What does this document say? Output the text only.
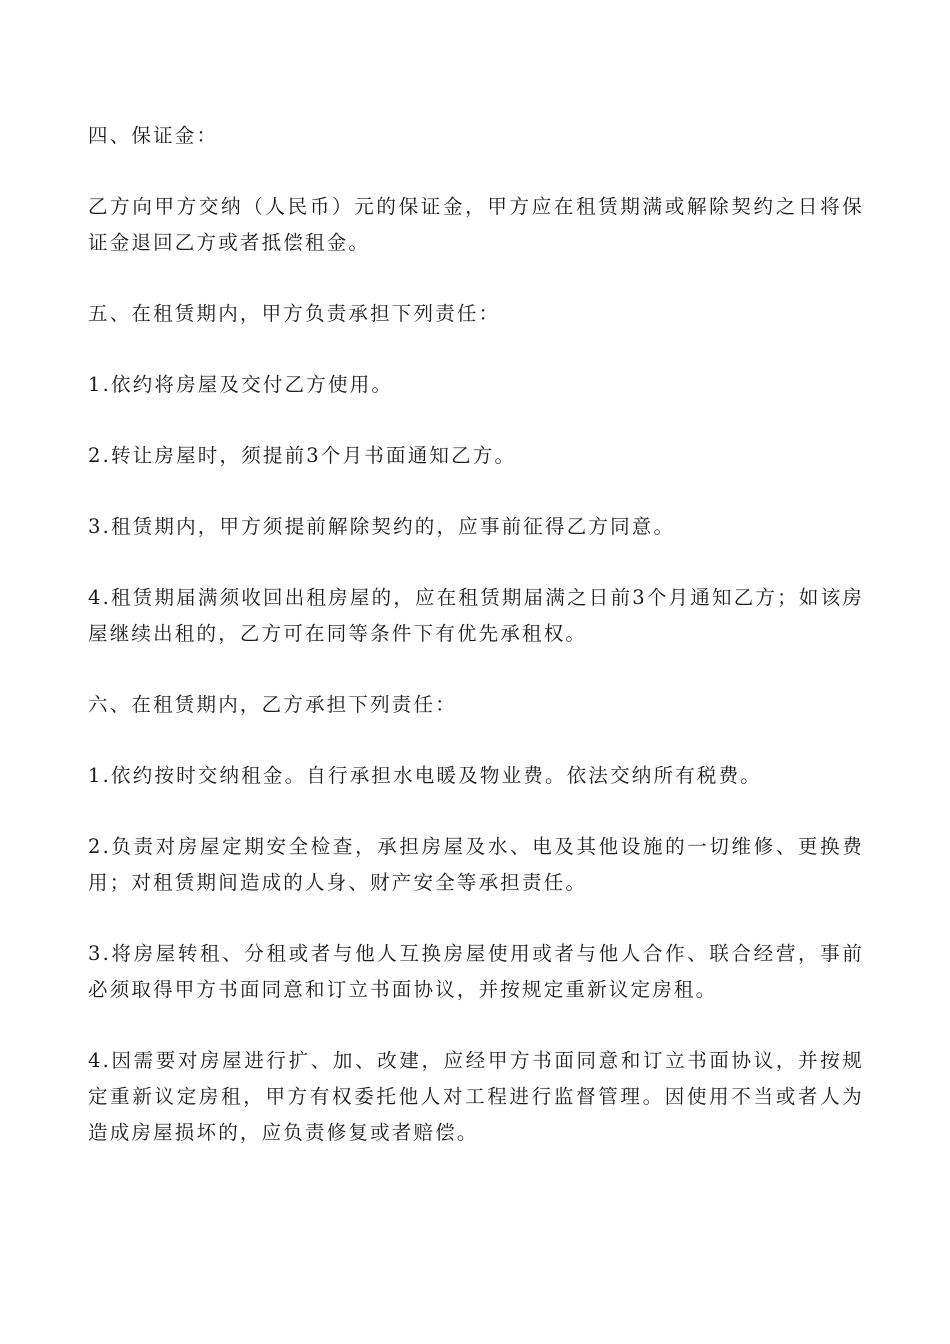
四、保证金：

乙方向甲方交纳（人民币）元的保证金，甲方应在租赁期满或解除契约之日将保证金退回乙方或者抵偿租金。

五、在租赁期内，甲方负责承担下列责任：

1.依约将房屋及交付乙方使用。

2.转让房屋时，须提前3个月书面通知乙方。

3.租赁期内，甲方须提前解除契约的，应事前征得乙方同意。

4.租赁期届满须收回出租房屋的，应在租赁期届满之日前3个月通知乙方；如该房屋继续出租的，乙方可在同等条件下有优先承租权。

六、在租赁期内，乙方承担下列责任：

1.依约按时交纳租金。自行承担水电暖及物业费。依法交纳所有税费。

2.负责对房屋定期安全检查，承担房屋及水、电及其他设施的一切维修、更换费用；对租赁期间造成的人身、财产安全等承担责任。

3.将房屋转租、分租或者与他人互换房屋使用或者与他人合作、联合经营，事前必须取得甲方书面同意和订立书面协议，并按规定重新议定房租。

4.因需要对房屋进行扩、加、改建，应经甲方书面同意和订立书面协议，并按规定重新议定房租，甲方有权委托他人对工程进行监督管理。因使用不当或者人为造成房屋损坏的，应负责修复或者赔偿。
